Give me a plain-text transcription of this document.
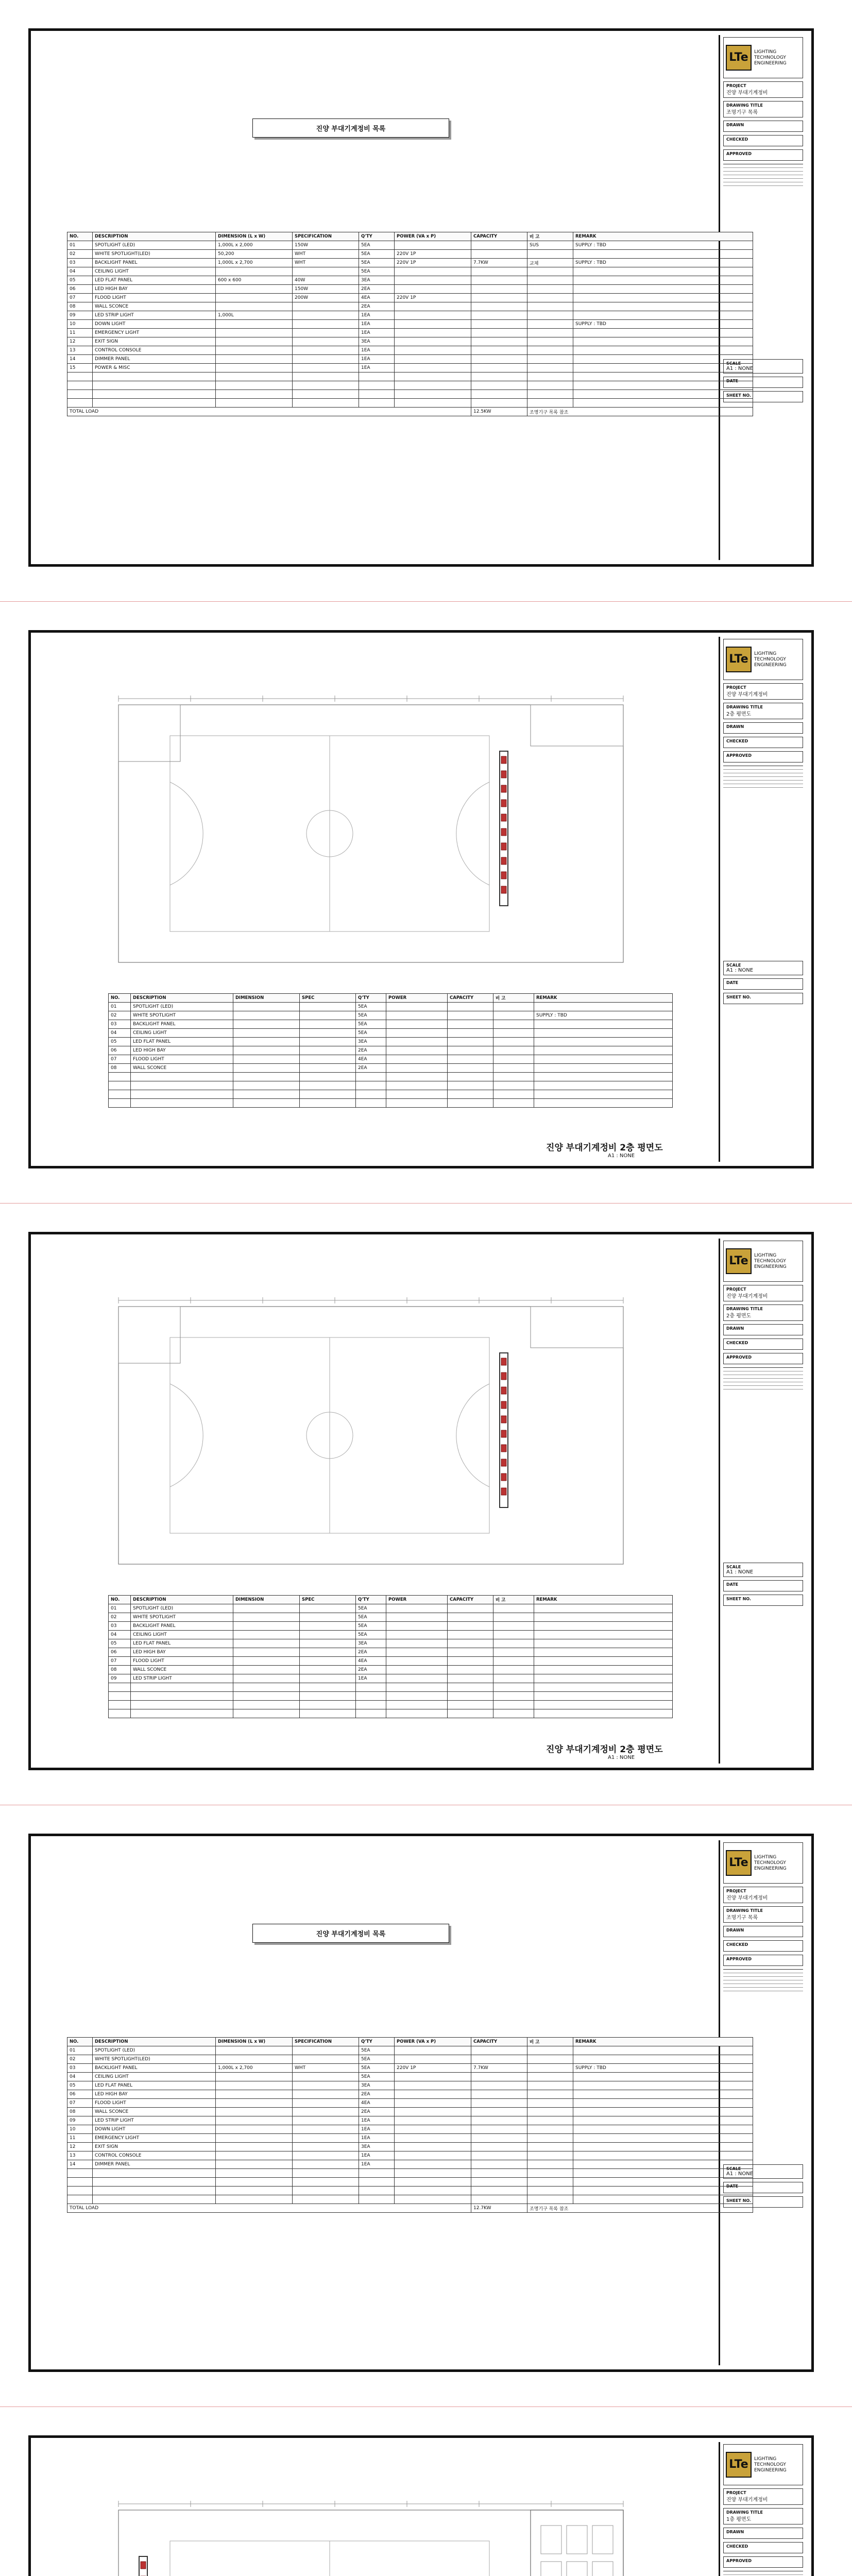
LTe	LIGHTING
TECHNOLOGY
ENGINEERING
PROJECT
진양 부대기계정비
DRAWING TITLE
조명기구 목록
DRAWN
CHECKED
APPROVED
SCALE
A1 : NONE
DATE
SHEET NO.
진양 부대기계정비 목록
NO.	DESCRIPTION	DIMENSION (L x W)	SPECIFICATION	Q'TY	POWER (VA x P)	CAPACITY	비 고	REMARK
01	SPOTLIGHT (LED)	1,000L x 2,000	150W	5EA			SUS	SUPPLY : TBD
02	WHITE SPOTLIGHT(LED)	50,200	WHT	5EA	220V 1P			
03	BACKLIGHT PANEL	1,000L x 2,700	WHT	5EA	220V 1P	7.7KW	교체	SUPPLY : TBD
04	CEILING LIGHT			5EA				
05	LED FLAT PANEL	600 x 600	40W	3EA				
06	LED HIGH BAY		150W	2EA				
07	FLOOD LIGHT		200W	4EA	220V 1P			
08	WALL SCONCE			2EA				
09	LED STRIP LIGHT	1,000L		1EA				
10	DOWN LIGHT			1EA				SUPPLY : TBD
11	EMERGENCY LIGHT			1EA				
12	EXIT SIGN			3EA				
13	CONTROL CONSOLE			1EA				
14	DIMMER PANEL			1EA				
15	POWER & MISC			1EA				

TOTAL LOAD						12.5KW	조명기구 목록 참조	
LTe	LIGHTING
TECHNOLOGY
ENGINEERING
PROJECT
진양 부대기계정비
DRAWING TITLE
2층 평면도
DRAWN
CHECKED
APPROVED
SCALE
A1 : NONE
DATE
SHEET NO.
NO.	DESCRIPTION	DIMENSION	SPEC	Q'TY	POWER	CAPACITY	비 고	REMARK
01	SPOTLIGHT (LED)			5EA				
02	WHITE SPOTLIGHT			5EA				SUPPLY : TBD
03	BACKLIGHT PANEL			5EA				
04	CEILING LIGHT			5EA				
05	LED FLAT PANEL			3EA				
06	LED HIGH BAY			2EA				
07	FLOOD LIGHT			4EA				
08	WALL SCONCE			2EA				

진양 부대기계정비 2층 평면도
A1 : NONE
LTe	LIGHTING
TECHNOLOGY
ENGINEERING
PROJECT
진양 부대기계정비
DRAWING TITLE
2층 평면도
DRAWN
CHECKED
APPROVED
SCALE
A1 : NONE
DATE
SHEET NO.
NO.	DESCRIPTION	DIMENSION	SPEC	Q'TY	POWER	CAPACITY	비 고	REMARK
01	SPOTLIGHT (LED)			5EA				
02	WHITE SPOTLIGHT			5EA				
03	BACKLIGHT PANEL			5EA				
04	CEILING LIGHT			5EA				
05	LED FLAT PANEL			3EA				
06	LED HIGH BAY			2EA				
07	FLOOD LIGHT			4EA				
08	WALL SCONCE			2EA				
09	LED STRIP LIGHT			1EA				

진양 부대기계정비 2층 평면도
A1 : NONE
LTe	LIGHTING
TECHNOLOGY
ENGINEERING
PROJECT
진양 부대기계정비
DRAWING TITLE
조명기구 목록
DRAWN
CHECKED
APPROVED
SCALE
A1 : NONE
DATE
SHEET NO.
진양 부대기계정비 목록
NO.	DESCRIPTION	DIMENSION (L x W)	SPECIFICATION	Q'TY	POWER (VA x P)	CAPACITY	비 고	REMARK
01	SPOTLIGHT (LED)			5EA				
02	WHITE SPOTLIGHT(LED)			5EA				
03	BACKLIGHT PANEL	1,000L x 2,700	WHT	5EA	220V 1P	7.7KW		SUPPLY : TBD
04	CEILING LIGHT			5EA				
05	LED FLAT PANEL			3EA				
06	LED HIGH BAY			2EA				
07	FLOOD LIGHT			4EA				
08	WALL SCONCE			2EA				
09	LED STRIP LIGHT			1EA				
10	DOWN LIGHT			1EA				
11	EMERGENCY LIGHT			1EA				
12	EXIT SIGN			3EA				
13	CONTROL CONSOLE			1EA				
14	DIMMER PANEL			1EA				

TOTAL LOAD						12.7KW	조명기구 목록 참조	
LTe	LIGHTING
TECHNOLOGY
ENGINEERING
PROJECT
진양 부대기계정비
DRAWING TITLE
1층 평면도
DRAWN
CHECKED
APPROVED
